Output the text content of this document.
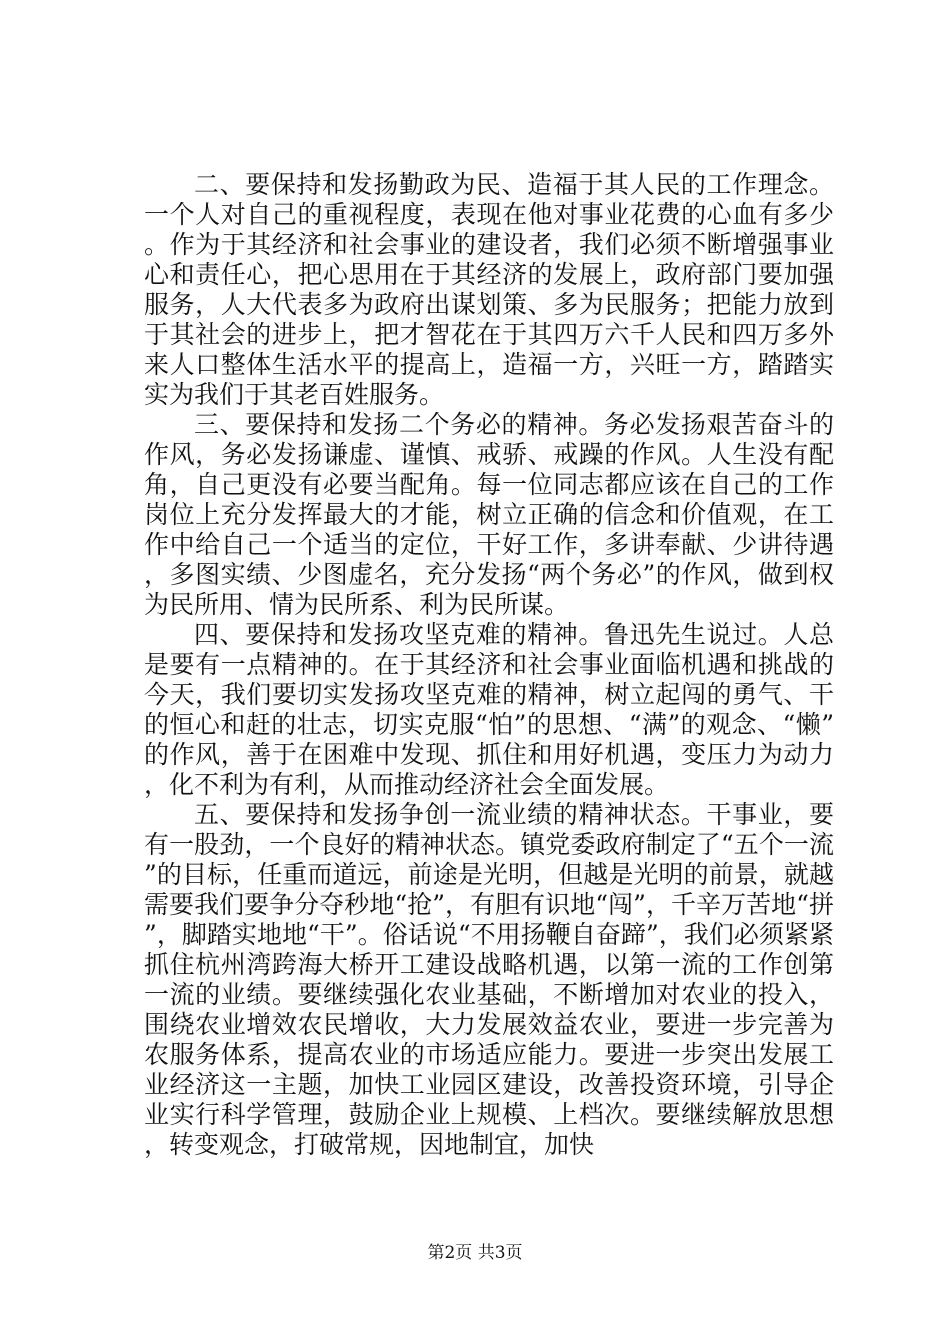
二、要保持和发扬勤政为民、造福于其人民的工作理念。一个人对自己的重视程度，表现在他对事业花费的心血有多少。作为于其经济和社会事业的建设者，我们必须不断增强事业心和责任心，把心思用在于其经济的发展上，政府部门要加强服务，人大代表多为政府出谋划策、多为民服务；把能力放到于其社会的进步上，把才智花在于其四万六千人民和四万多外来人口整体生活水平的提高上，造福一方，兴旺一方，踏踏实实为我们于其老百姓服务。

三、要保持和发扬二个务必的精神。务必发扬艰苦奋斗的作风，务必发扬谦虚、谨慎、戒骄、戒躁的作风。人生没有配角，自己更没有必要当配角。每一位同志都应该在自己的工作岗位上充分发挥最大的才能，树立正确的信念和价值观，在工作中给自己一个适当的定位，干好工作，多讲奉献、少讲待遇，多图实绩、少图虚名，充分发扬“两个务必”的作风，做到权为民所用、情为民所系、利为民所谋。

四、要保持和发扬攻坚克难的精神。鲁迅先生说过。人总是要有一点精神的。在于其经济和社会事业面临机遇和挑战的今天，我们要切实发扬攻坚克难的精神，树立起闯的勇气、干的恒心和赶的壮志，切实克服“怕”的思想、“满”的观念、“懒”的作风，善于在困难中发现、抓住和用好机遇，变压力为动力，化不利为有利，从而推动经济社会全面发展。

五、要保持和发扬争创一流业绩的精神状态。干事业，要有一股劲，一个良好的精神状态。镇党委政府制定了“五个一流”的目标，任重而道远，前途是光明，但越是光明的前景，就越需要我们要争分夺秒地“抢”，有胆有识地“闯”，千辛万苦地“拼”，脚踏实地地“干”。俗话说“不用扬鞭自奋蹄”，我们必须紧紧抓住杭州湾跨海大桥开工建设战略机遇，以第一流的工作创第一流的业绩。要继续强化农业基础，不断增加对农业的投入，围绕农业增效农民增收，大力发展效益农业，要进一步完善为农服务体系，提高农业的市场适应能力。要进一步突出发展工业经济这一主题，加快工业园区建设，改善投资环境，引导企业实行科学管理，鼓励企业上规模、上档次。要继续解放思想，转变观念，打破常规，因地制宜，加快

第2页 共3页
